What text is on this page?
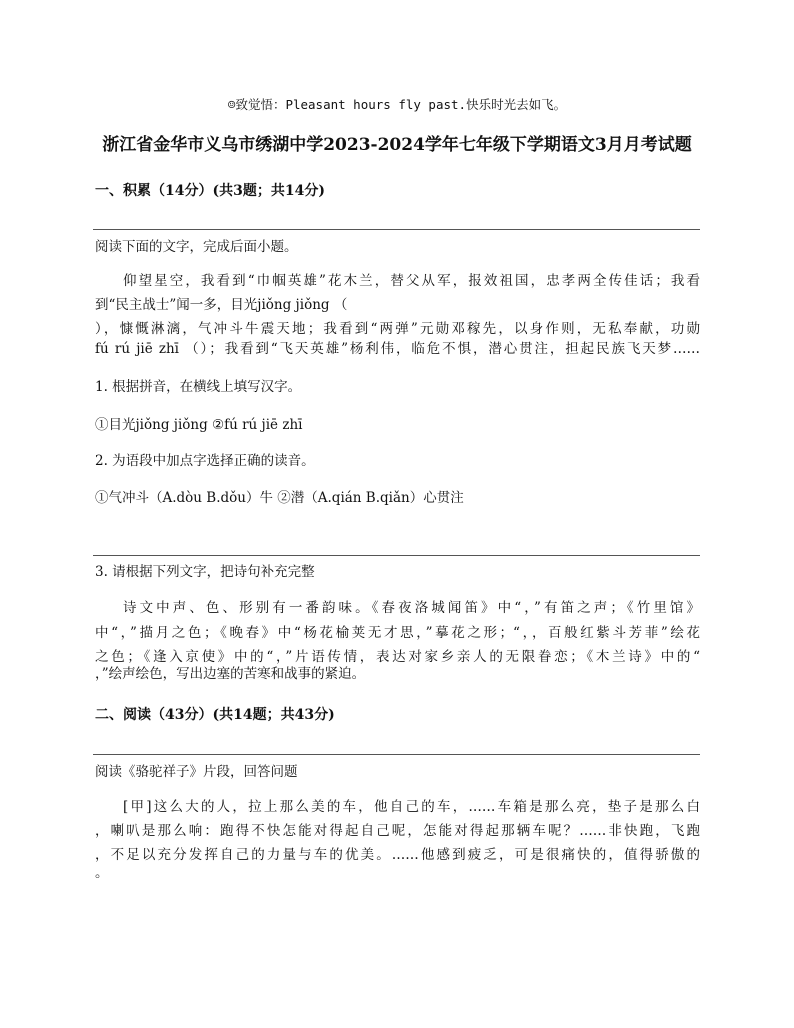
☺致觉悟：Pleasant hours fly past.快乐时光去如飞。
浙江省金华市义乌市绣湖中学2023-2024学年七年级下学期语文3月月考试题
一、积累（14分）(共3题；共14分)
阅读下面的文字，完成后面小题。
仰望星空，我看到“巾帼英雄”花木兰，替父从军，报效祖国，忠孝两全传佳话；我看
到“民主战士”闻一多，目光jiǒng jiǒng （
），慷慨淋漓，气冲斗牛震天地；我看到“两弹”元勋邓稼先，以身作则，无私奉献，功勋
fú rú jiē zhī （）；我看到“飞天英雄”杨利伟，临危不惧，潜心贯注，担起民族飞天梦……
1. 根据拼音，在横线上填写汉字。
①目光jiǒng jiǒng ②fú rú jiē zhī
2. 为语段中加点字选择正确的读音。
①气冲斗（A.dòu B.dǒu）牛 ②潜（A.qián B.qiǎn）心贯注
3. 请根据下列文字，把诗句补充完整
诗文中声、色、形别有一番韵味。《春夜洛城闻笛》中“，”有笛之声；《竹里馆》
中“，”描月之色；《晚春》中“杨花榆荚无才思，”摹花之形；“，，百般红紫斗芳菲”绘花
之色；《逢入京使》中的“，”片语传情，表达对家乡亲人的无限眷恋；《木兰诗》中的“
，”绘声绘色，写出边塞的苦寒和战事的紧迫。
二、阅读（43分）(共14题；共43分)
阅读《骆驼祥子》片段，回答问题
[甲]这么大的人，拉上那么美的车，他自己的车，……车箱是那么亮，垫子是那么白
，喇叭是那么响：跑得不快怎能对得起自己呢，怎能对得起那辆车呢？……非快跑，飞跑
，不足以充分发挥自己的力量与车的优美。……他感到疲乏，可是很痛快的，值得骄傲的
。
